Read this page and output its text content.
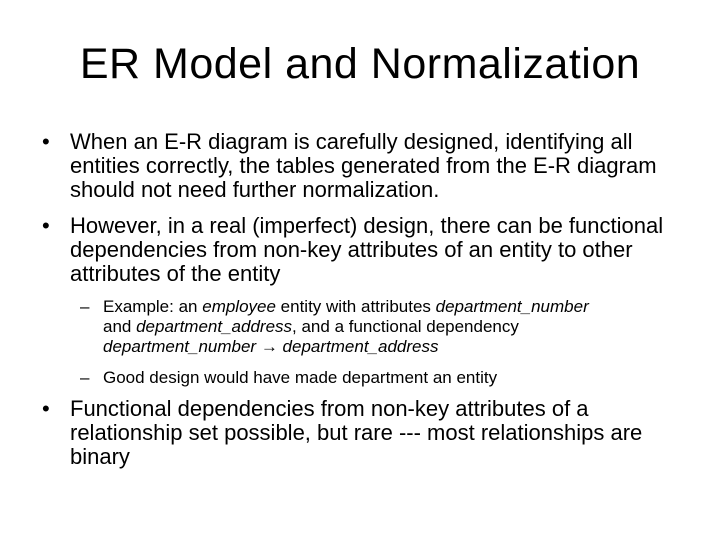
ER Model and Normalization
• When an E-R diagram is carefully designed, identifying all entities correctly, the tables generated from the E-R diagram should not need further normalization.
• However, in a real (imperfect) design, there can be functional dependencies from non-key attributes of an entity to other attributes of the entity
– Example: an employee entity with attributes department_number
and department_address, and a functional dependency
department_number → department_address
– Good design would have made department an entity
• Functional dependencies from non-key attributes of a relationship set possible, but rare --- most relationships are binary
